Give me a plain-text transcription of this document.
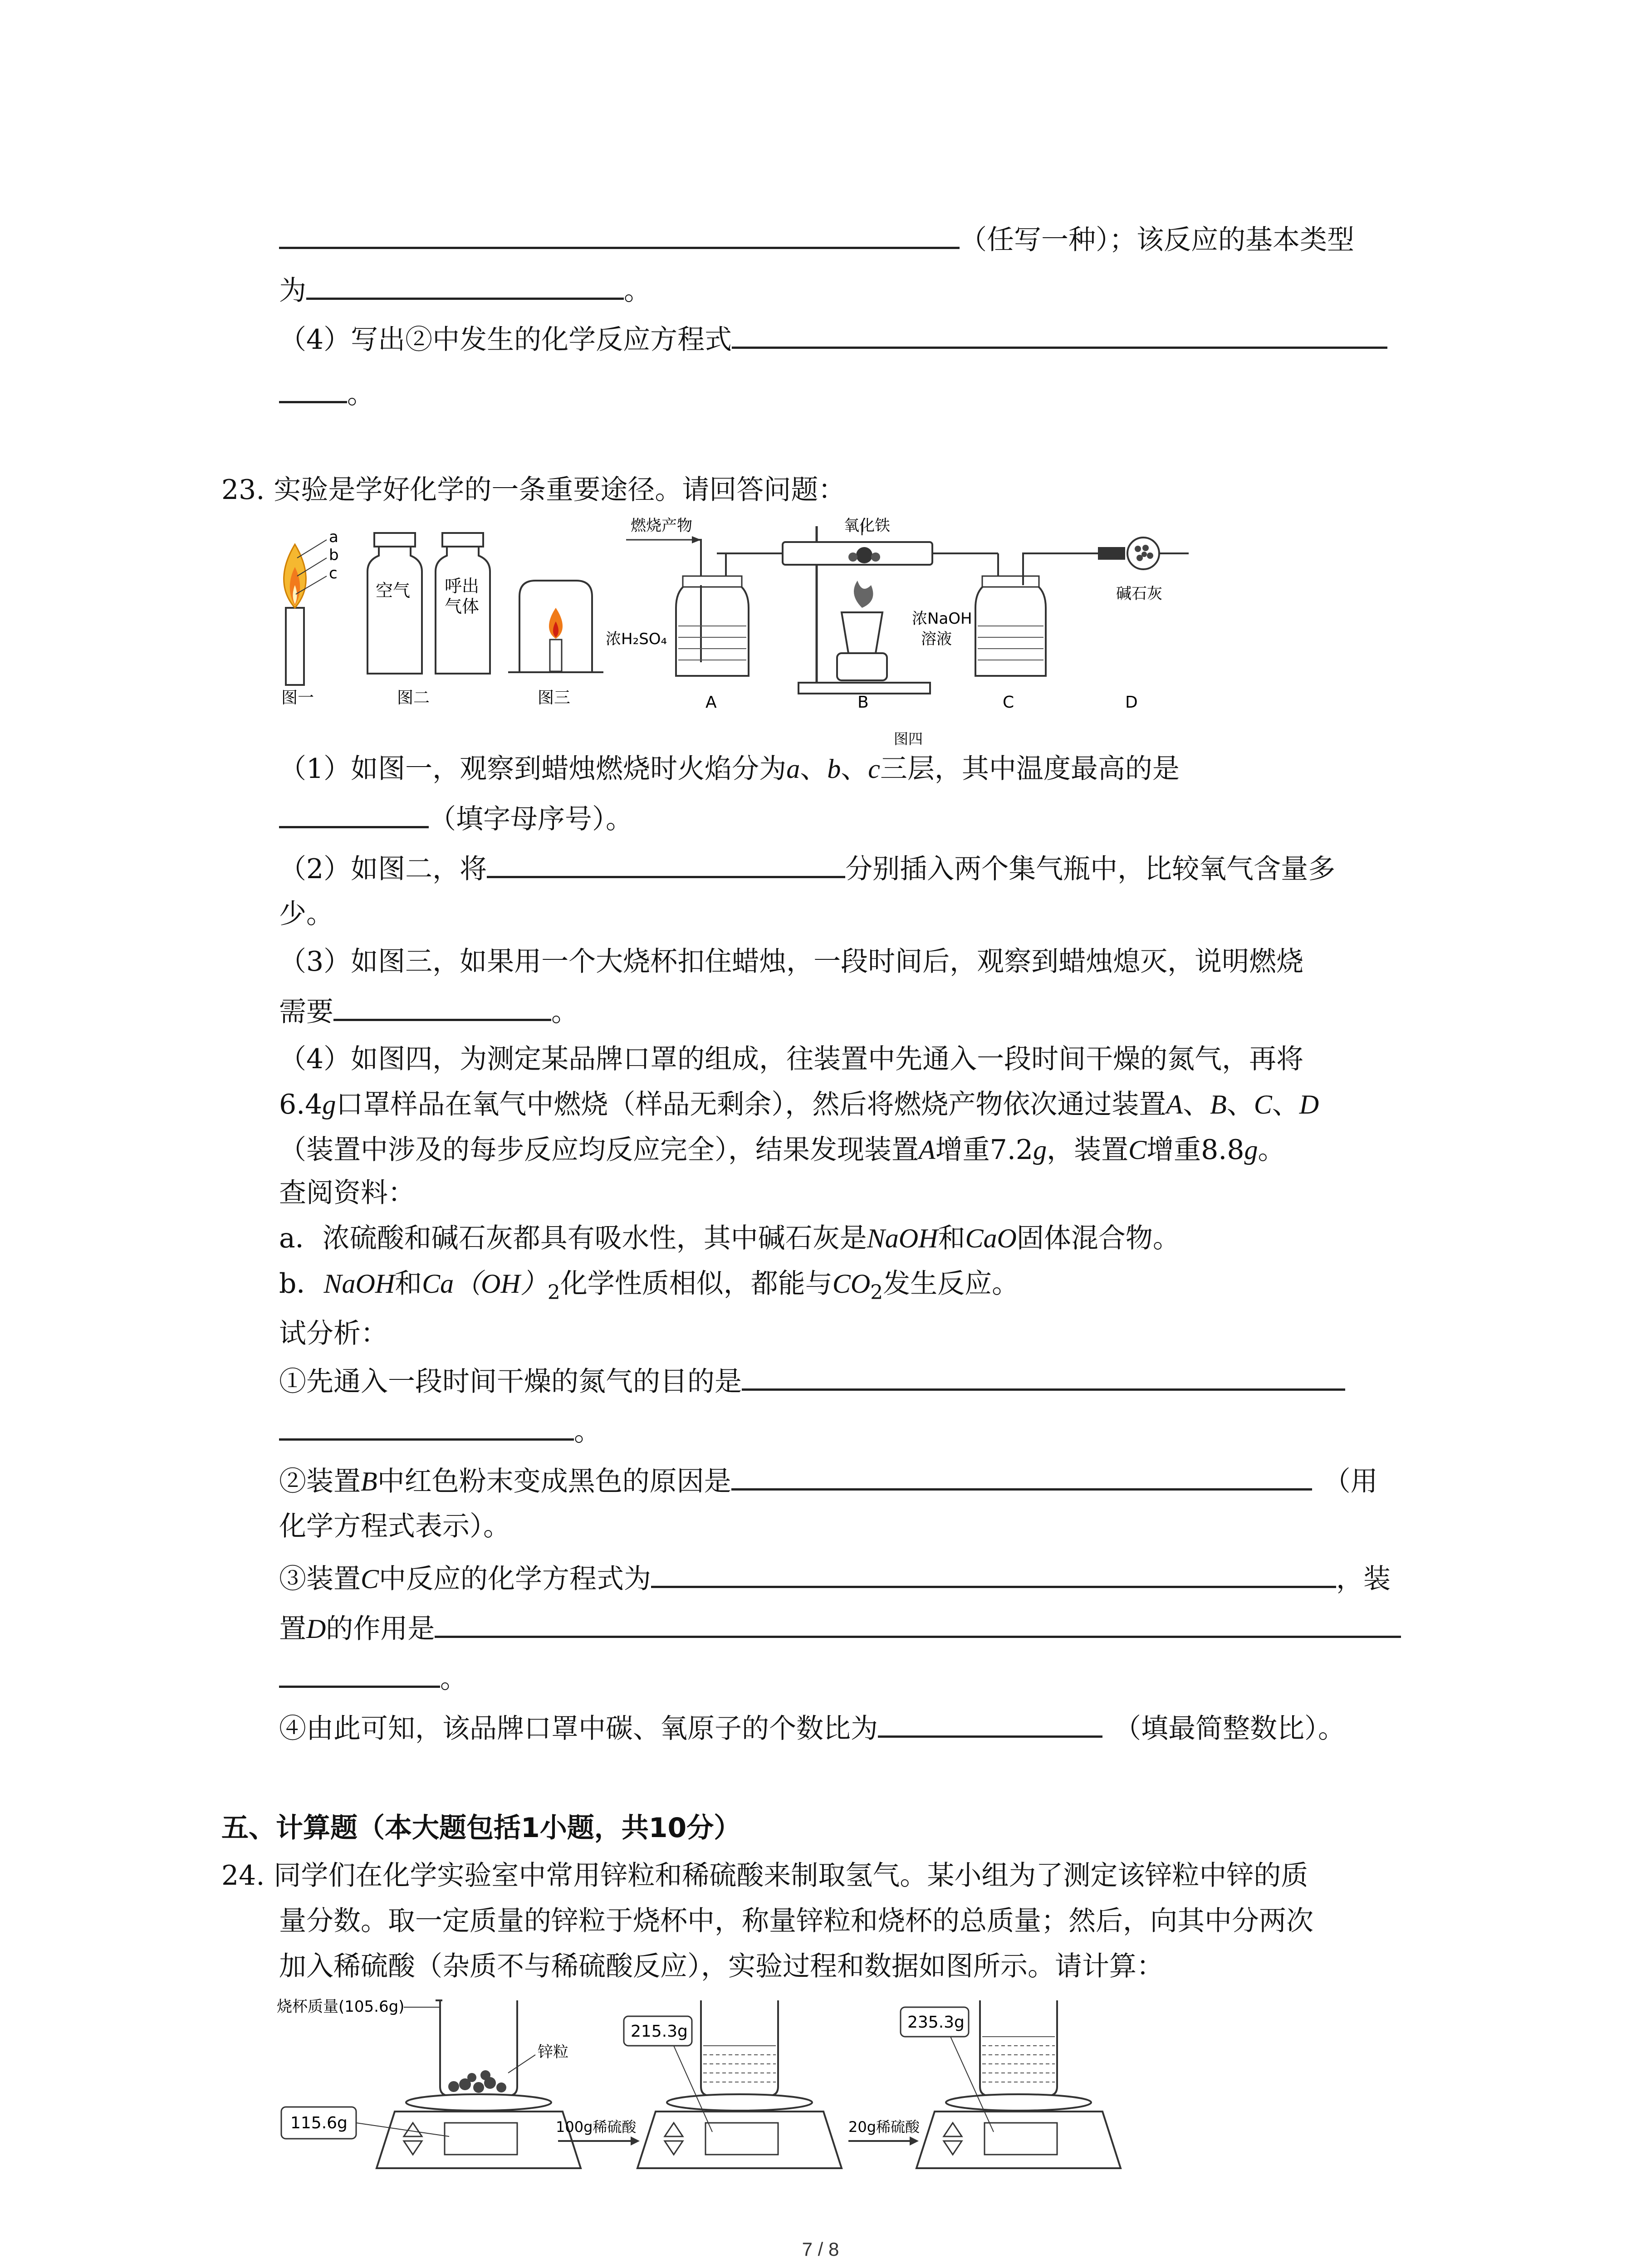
（任写一种）；该反应的基本类型
为	。
（4）写出②中发生的化学反应方程式
。
23. 实验是学好化学的一条重要途径。请回答问题：
a
b
c
图一
空气 呼出
气体
图二	图三
燃烧产物
浓H₂SO₄
A
氧化铁
B
浓NaOH
溶液
C
碱石灰
D
图四
（1）如图一，观察到蜡烛燃烧时火焰分为a、b、c三层，其中温度最高的是
（填字母序号）。
（2）如图二，将	分别插入两个集气瓶中，比较氧气含量多
少。
（3）如图三，如果用一个大烧杯扣住蜡烛，一段时间后，观察到蜡烛熄灭，说明燃烧
需要	。
（4）如图四，为测定某品牌口罩的组成，往装置中先通入一段时间干燥的氮气，再将
6.4g口罩样品在氧气中燃烧（样品无剩余），然后将燃烧产物依次通过装置A、B、C、D
（装置中涉及的每步反应均反应完全），结果发现装置A增重7.2g，装置C增重8.8g。
查阅资料：
a．浓硫酸和碱石灰都具有吸水性，其中碱石灰是NaOH和CaO固体混合物。
b．NaOH和$Ca(OH)_2$化学性质相似，都能与$CO_2$发生反应。
试分析：
①先通入一段时间干燥的氮气的目的是
。
②装置B中红色粉末变成黑色的原因是	（用
化学方程式表示）。
③装置C中反应的化学方程式为	，装
置D的作用是
。
④由此可知，该品牌口罩中碳、氧原子的个数比为	（填最简整数比）。
五、计算题（本大题包括1小题，共10分）
24. 同学们在化学实验室中常用锌粒和稀硫酸来制取氢气。某小组为了测定该锌粒中锌的质
量分数。取一定质量的锌粒于烧杯中，称量锌粒和烧杯的总质量；然后，向其中分两次
加入稀硫酸（杂质不与稀硫酸反应），实验过程和数据如图所示。请计算：
烧杯质量(105.6g)
锌粒
115.6g	100g稀硫酸
215.3g
20g稀硫酸
235.3g
7 / 8
